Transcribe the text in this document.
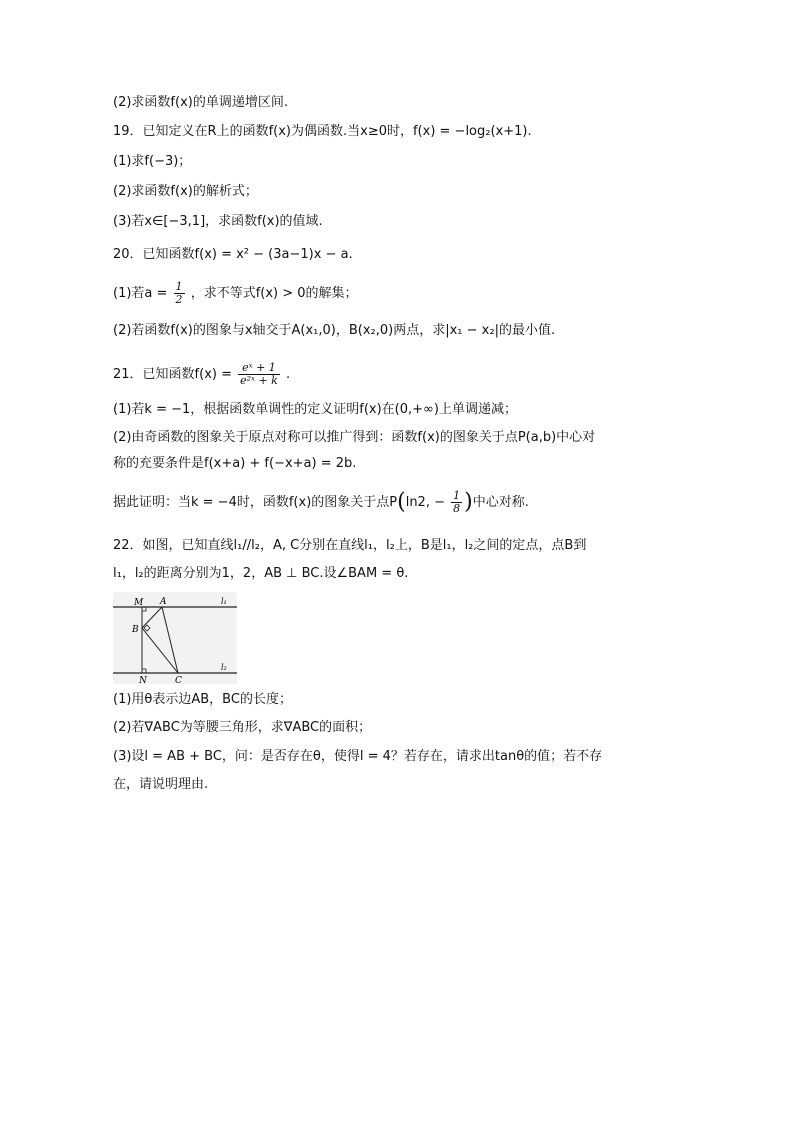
(2)求函数f(x)的单调递增区间.
19．已知定义在R上的函数f(x)为偶函数.当x≥0时，f(x) = −log₂(x+1).
(1)求f(−3)；
(2)求函数f(x)的解析式；
(3)若x∈[−3,1]，求函数f(x)的值域.
20．已知函数f(x) = x² − (3a−1)x − a.
(1)若$a = \frac{1}{2}$ ，求不等式f(x) > 0的解集；
(2)若函数f(x)的图象与x轴交于A(x₁,0)，B(x₂,0)两点，求|x₁ − x₂|的最小值.
21．已知函数$f(x) = \frac{\text{eˣ + 1}}{\text{e²ˣ + k}}$ .
(1)若k = −1，根据函数单调性的定义证明f(x)在(0,+∞)上单调递减；
(2)由奇函数的图象关于原点对称可以推广得到：函数f(x)的图象关于点P(a,b)中心对
称的充要条件是f(x+a) + f(−x+a) = 2b.
据此证明：当k = −4时，函数f(x)的图象关于点P(ln2, − $\frac{1}{8}$ )中心对称.
22．如图，已知直线l₁//l₂，A, C分别在直线l₁，l₂上，B是l₁，l₂之间的定点，点B到
l₁，l₂的距离分别为1，2，AB ⊥ BC.设∠BAM = θ.
M A	l₁
B
N	C
l₂
(1)用θ表示边AB，BC的长度；
(2)若∇ABC为等腰三角形，求∇ABC的面积；
(3)设l = AB + BC，问：是否存在θ，使得l = 4？若存在，请求出tanθ的值；若不存
在，请说明理由.
